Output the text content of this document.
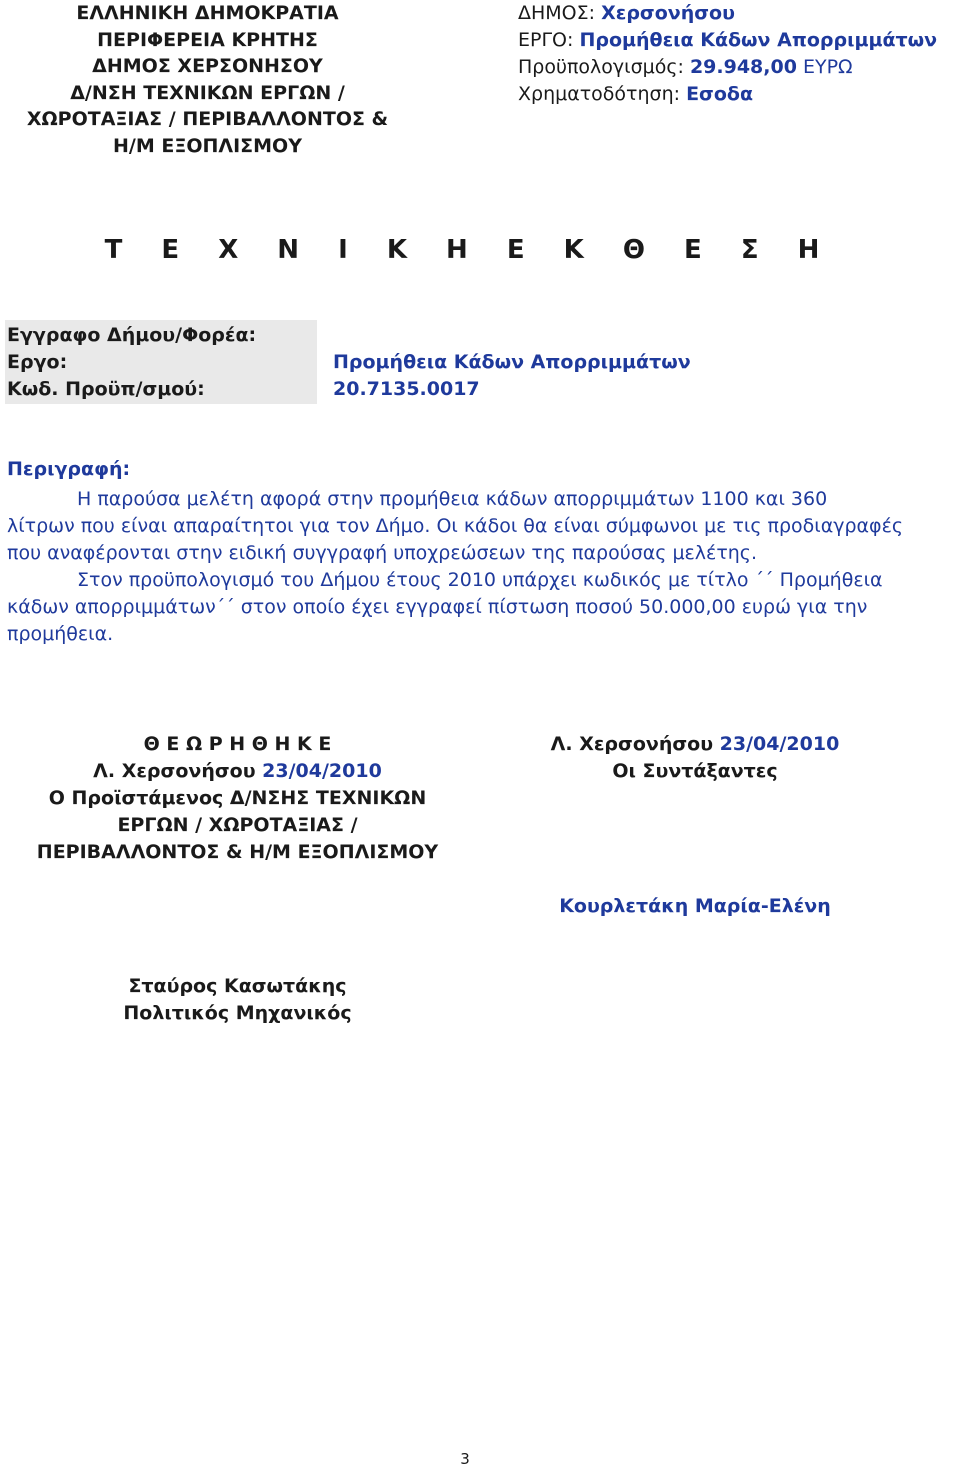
ΕΛΛΗΝΙΚΗ ΔΗΜΟΚΡΑΤΙΑ
ΠΕΡΙΦΕΡΕΙΑ ΚΡΗΤΗΣ
ΔΗΜΟΣ ΧΕΡΣΟΝΗΣΟΥ
Δ/ΝΣΗ ΤΕΧΝΙΚΩΝ ΕΡΓΩΝ /
ΧΩΡΟΤΑΞΙΑΣ / ΠΕΡΙΒΑΛΛΟΝΤΟΣ &
Η/Μ ΕΞΟΠΛΙΣΜΟΥ
ΔΗΜΟΣ: Χερσονήσου
ΕΡΓΟ: Προμήθεια Κάδων Απορριμμάτων
Προϋπολογισμός: 29.948,00 ΕΥΡΩ
Χρηματοδότηση: Εσοδα
Τ Ε Χ Ν Ι Κ Η Ε Κ Θ Ε Σ Η
Εγγραφο Δήμου/Φορέα:
Εργο:
Κωδ. Προϋπ/σμού:
Προμήθεια Κάδων Απορριμμάτων
20.7135.0017
Περιγραφή:
Η παρούσα μελέτη αφορά στην προμήθεια κάδων απορριμμάτων 1100 και 360
λίτρων που είναι απαραίτητοι για τον Δήμο. Οι κάδοι θα είναι σύμφωνοι με τις προδιαγραφές
που αναφέρονται στην ειδική συγγραφή υποχρεώσεων της παρούσας μελέτης.
Στον προϋπολογισμό του Δήμου έτους 2010 υπάρχει κωδικός με τίτλο ΄΄ Προμήθεια
κάδων απορριμμάτων΄΄ στον οποίο έχει εγγραφεί πίστωση ποσού 50.000,00 ευρώ για την
προμήθεια.
Θ Ε Ω Ρ Η Θ Η Κ Ε
Λ. Χερσονήσου 23/04/2010
Ο Προϊστάμενος Δ/ΝΣΗΣ ΤΕΧΝΙΚΩΝ
ΕΡΓΩΝ / ΧΩΡΟΤΑΞΙΑΣ /
ΠΕΡΙΒΑΛΛΟΝΤΟΣ & Η/Μ ΕΞΟΠΛΙΣΜΟΥ
Σταύρος Κασωτάκης
Πολιτικός Μηχανικός
Λ. Χερσονήσου 23/04/2010
Οι Συντάξαντες
Κουρλετάκη Μαρία-Ελένη
3
